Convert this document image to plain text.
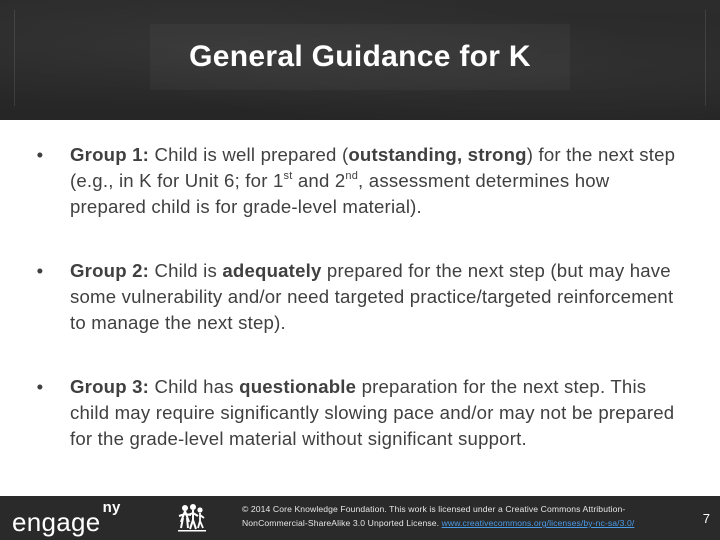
General Guidance for K
•	Group 1: Child is well prepared (outstanding, strong) for the next step (e.g., in K for Unit 6; for 1st and 2nd, assessment determines how prepared child is for grade-level material).
•	Group 2: Child is adequately prepared for the next step (but may have some vulnerability and/or need targeted practice/targeted reinforcement to manage the next step).
•	Group 3: Child has questionable preparation for the next step. This child may require significantly slowing pace and/or may not be prepared for the grade-level material without significant support.
engage ny	© 2014 Core Knowledge Foundation. This work is licensed under a Creative Commons Attribution-NonCommercial-ShareAlike 3.0 Unported License. www.creativecommons.org/licenses/by-nc-sa/3.0/	7
